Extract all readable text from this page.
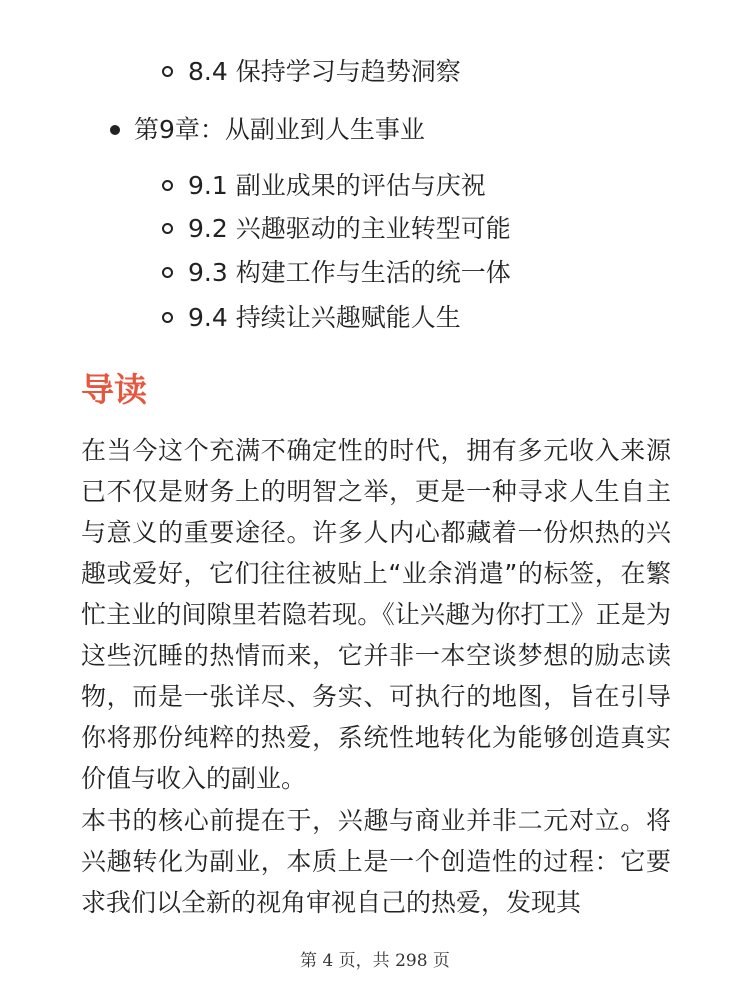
8.4 保持学习与趋势洞察
第9章：从副业到人生事业
9.1 副业成果的评估与庆祝
9.2 兴趣驱动的主业转型可能
9.3 构建工作与生活的统一体
9.4 持续让兴趣赋能人生
导读
在当今这个充满不确定性的时代，拥有多元收入来源已不仅是财务上的明智之举，更是一种寻求人生自主与意义的重要途径。许多人内心都藏着一份炽热的兴趣或爱好，它们往往被贴上“业余消遣”的标签，在繁忙主业的间隙里若隐若现。《让兴趣为你打工》正是为这些沉睡的热情而来，它并非一本空谈梦想的励志读物，而是一张详尽、务实、可执行的地图，旨在引导你将那份纯粹的热爱，系统性地转化为能够创造真实价值与收入的副业。
本书的核心前提在于，兴趣与商业并非二元对立。将兴趣转化为副业，本质上是一个创造性的过程：它要求我们以全新的视角审视自己的热爱，发现其
第 4 页，共 298 页
